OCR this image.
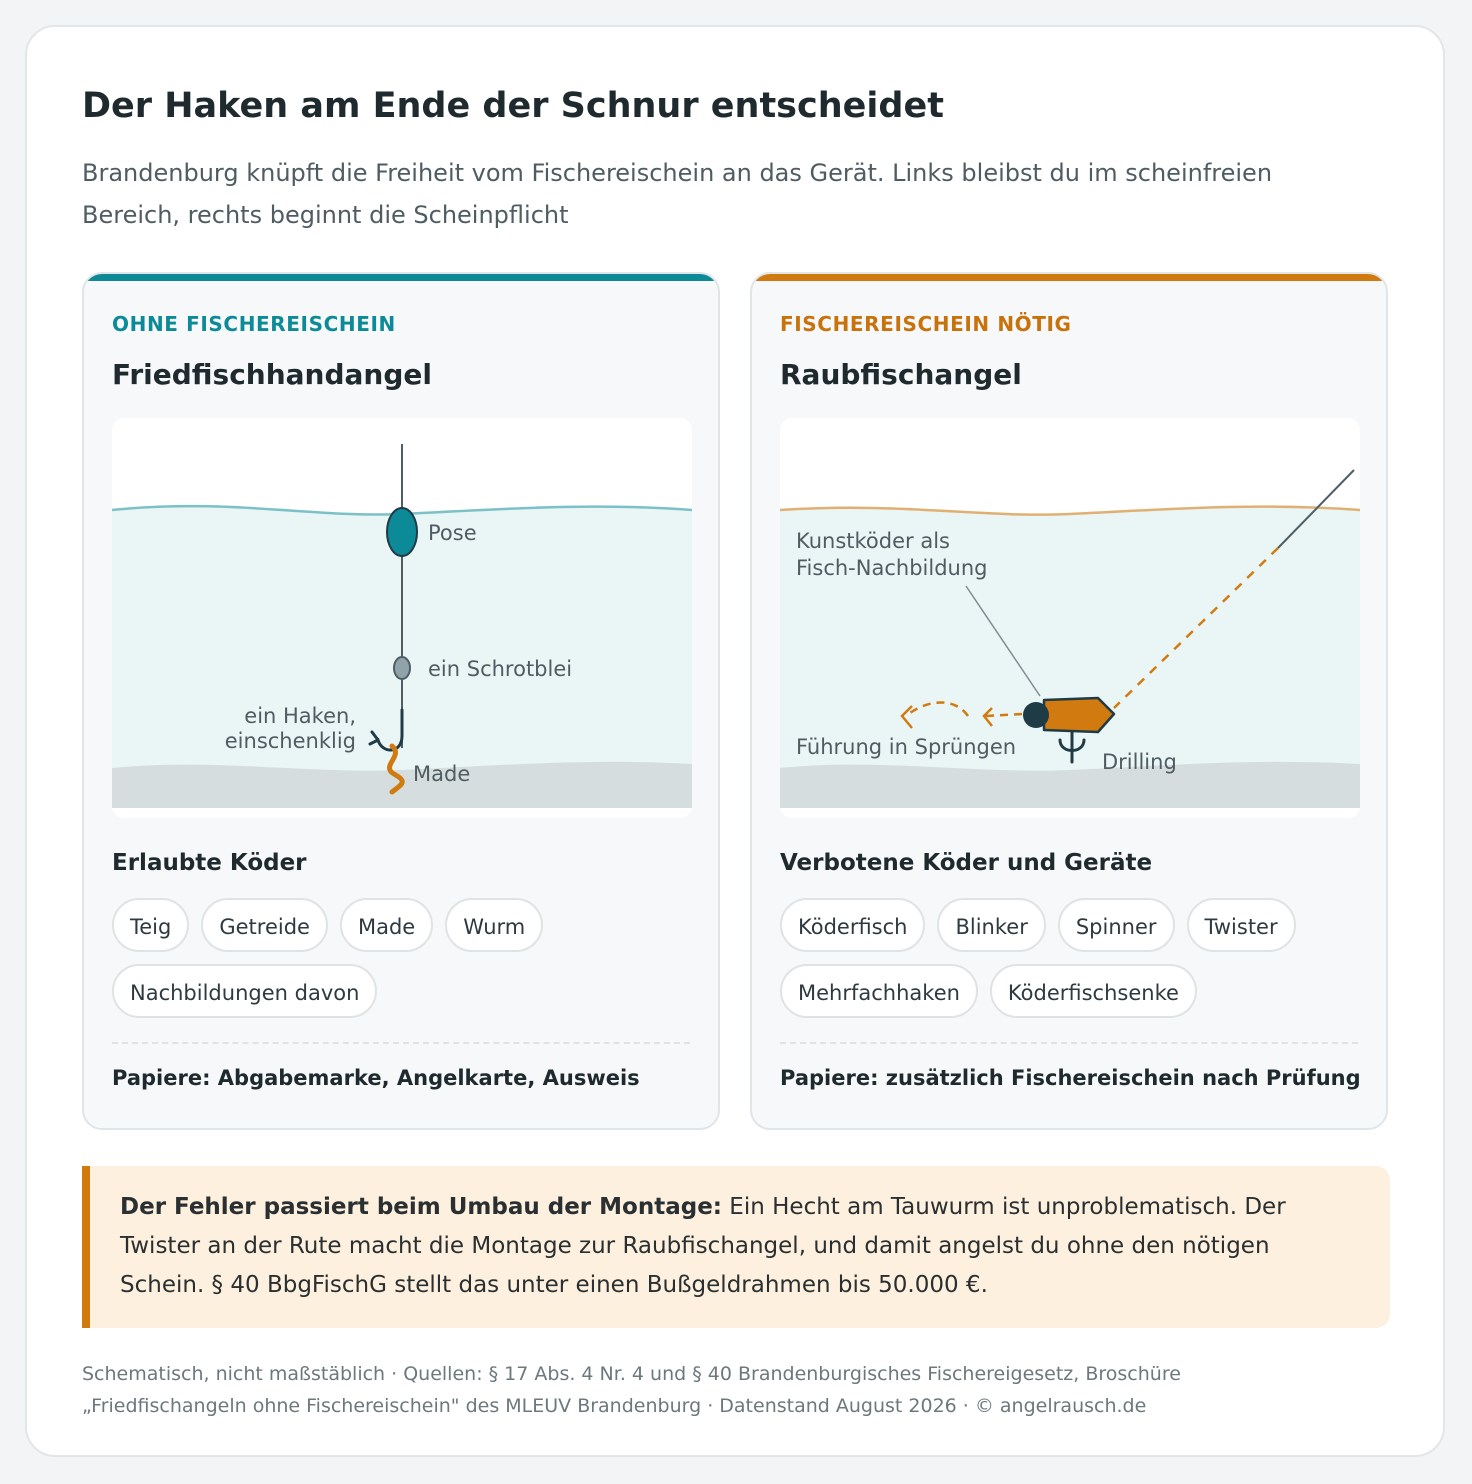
Der Haken am Ende der Schnur entscheidet
Brandenburg knüpft die Freiheit vom Fischereischein an das Gerät. Links bleibst du im scheinfreien Bereich, rechts beginnt die Scheinpflicht
OHNE FISCHEREISCHEIN
Friedfischhandangel
Pose
ein Schrotblei
ein Haken,
einschenklig
Made
Erlaubte Köder
Teig	Getreide	Made	Wurm
Nachbildungen davon
Papiere: Abgabemarke, Angelkarte, Ausweis
FISCHEREISCHEIN NÖTIG
Raubfischangel
Kunstköder als
Fisch-Nachbildung
Führung in Sprüngen
Drilling
Verbotene Köder und Geräte
Köderfisch	Blinker	Spinner	Twister
Mehrfachhaken	Köderfischsenke
Papiere: zusätzlich Fischereischein nach Prüfung
Der Fehler passiert beim Umbau der Montage: Ein Hecht am Tauwurm ist unproblematisch. Der Twister an der Rute macht die Montage zur Raubfischangel, und damit angelst du ohne den nötigen Schein. § 40 BbgFischG stellt das unter einen Bußgeldrahmen bis 50.000 €.
Schematisch, nicht maßstäblich · Quellen: § 17 Abs. 4 Nr. 4 und § 40 Brandenburgisches Fischereigesetz, Broschüre
„Friedfischangeln ohne Fischereischein" des MLEUV Brandenburg · Datenstand August 2026 · © angelrausch.de
